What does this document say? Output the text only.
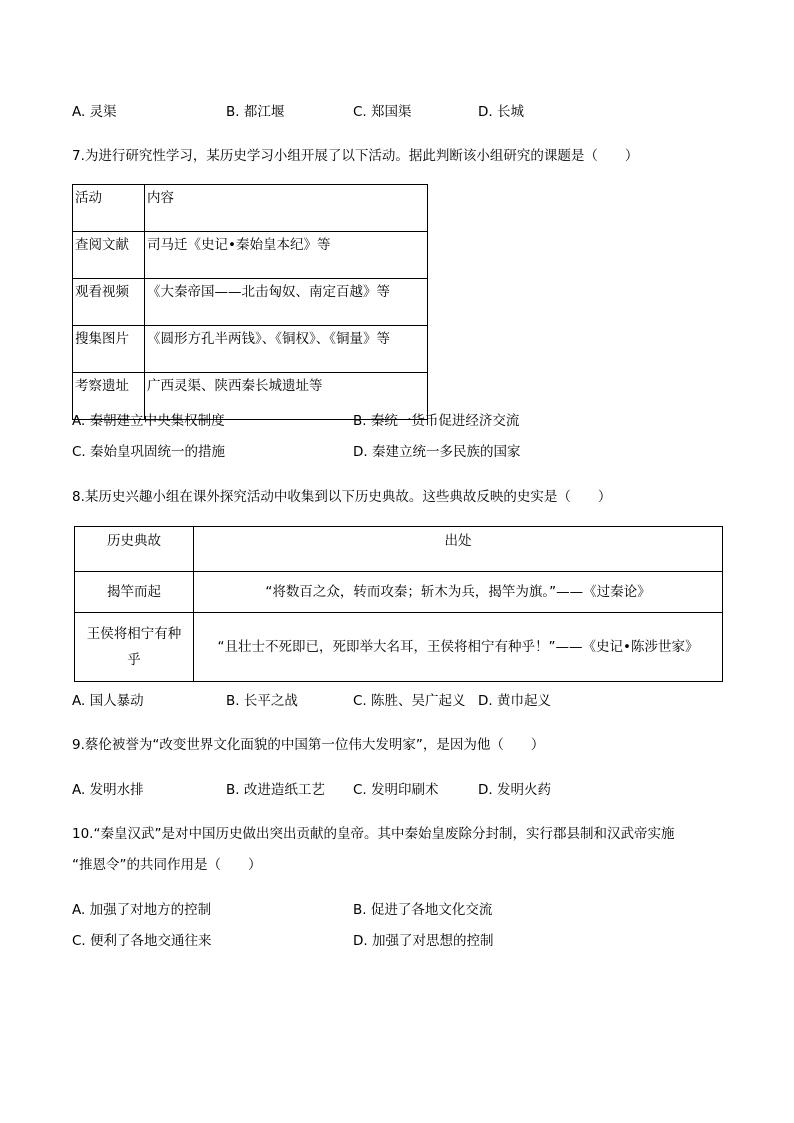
A. 灵渠	B. 都江堰	C. 郑国渠	D. 长城
7.为进行研究性学习，某历史学习小组开展了以下活动。据此判断该小组研究的课题是（　　）
活动	内容
查阅文献	司马迁《史记•秦始皇本纪》等
观看视频	《大秦帝国——北击匈奴、南定百越》等
搜集图片	《圆形方孔半两钱》、《铜权》、《铜量》等
考察遗址	广西灵渠、陕西秦长城遗址等
A. 秦朝建立中央集权制度	B. 秦统一货币促进经济交流
C. 秦始皇巩固统一的措施	D. 秦建立统一多民族的国家
8.某历史兴趣小组在课外探究活动中收集到以下历史典故。这些典故反映的史实是（　　）
历史典故	出处
揭竿而起	“将数百之众，转而攻秦；斩木为兵，揭竿为旗。”——《过秦论》
王侯将相宁有种乎	“且壮士不死即已，死即举大名耳，王侯将相宁有种乎！”——《史记•陈涉世家》
A. 国人暴动	B. 长平之战	C. 陈胜、吴广起义 D. 黄巾起义
9.蔡伦被誉为“改变世界文化面貌的中国第一位伟大发明家”，是因为他（　　）
A. 发明水排	B. 改进造纸工艺 C. 发明印刷术	D. 发明火药
10.“秦皇汉武”是对中国历史做出突出贡献的皇帝。其中秦始皇废除分封制，实行郡县制和汉武帝实施
“推恩令”的共同作用是（　　）
A. 加强了对地方的控制	B. 促进了各地文化交流
C. 便利了各地交通往来	D. 加强了对思想的控制
